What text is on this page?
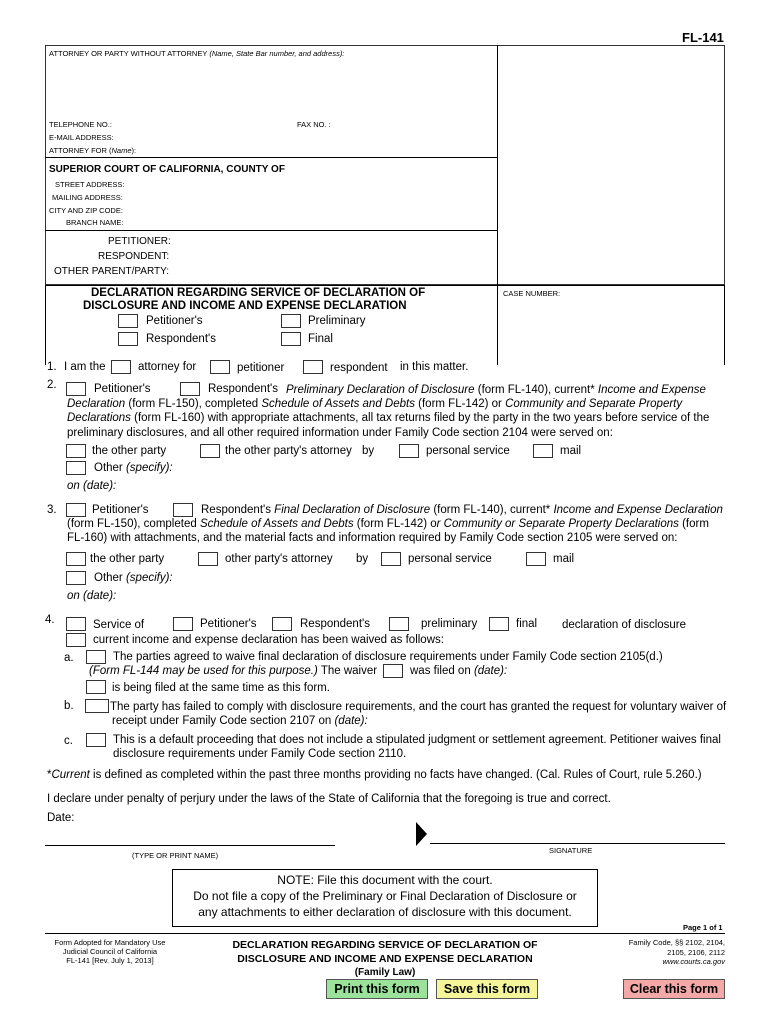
FL-141
ATTORNEY OR PARTY WITHOUT ATTORNEY (Name, State Bar number, and address):
TELEPHONE NO.:	FAX NO. :
E-MAIL ADDRESS:
ATTORNEY FOR (Name):
SUPERIOR COURT OF CALIFORNIA, COUNTY OF
STREET ADDRESS:
MAILING ADDRESS:
CITY AND ZIP CODE:
BRANCH NAME:
PETITIONER:
RESPONDENT:
OTHER PARENT/PARTY:
DECLARATION REGARDING SERVICE OF DECLARATION OF
DISCLOSURE AND INCOME AND EXPENSE DECLARATION
Petitioner's	Preliminary
Respondent's	Final
CASE NUMBER:
1. I am the	attorney for	petitioner	respondent in this matter.
2.	Petitioner's	Respondent's Preliminary Declaration of Disclosure (form FL-140), current* Income and Expense
Declaration (form FL-150), completed Schedule of Assets and Debts (form FL-142) or Community and Separate Property
Declarations (form FL-160) with appropriate attachments, all tax returns filed by the party in the two years before service of the
preliminary disclosures, and all other required information under Family Code section 2104 were served on:
the other party	the other party's attorney by	personal service	mail
Other (specify):
on (date):
3.	Petitioner's	Respondent's Final Declaration of Disclosure (form FL-140), current* Income and Expense Declaration
(form FL-150), completed Schedule of Assets and Debts (form FL-142) or Community or Separate Property Declarations (form
FL-160) with attachments, and the material facts and information required by Family Code section 2105 were served on:
the other party	other party's attorney by	personal service	mail
Other (specify):
on (date):
4.	Service of	Petitioner's	Respondent's	preliminary	final declaration of disclosure
current income and expense declaration has been waived as follows:
a.	The parties agreed to waive final declaration of disclosure requirements under Family Code section 2105(d.)
(Form FL-144 may be used for this purpose.) The waiver	was filed on (date):
is being filed at the same time as this form.
b.	The party has failed to comply with disclosure requirements, and the court has granted the request for voluntary waiver of
receipt under Family Code section 2107 on (date):
c.	This is a default proceeding that does not include a stipulated judgment or settlement agreement. Petitioner waives final
disclosure requirements under Family Code section 2110.
*Current is defined as completed within the past three months providing no facts have changed. (Cal. Rules of Court, rule 5.260.)
I declare under penalty of perjury under the laws of the State of California that the foregoing is true and correct.
Date:
(TYPE OR PRINT NAME)
SIGNATURE
NOTE: File this document with the court.
Do not file a copy of the Preliminary or Final Declaration of Disclosure or
any attachments to either declaration of disclosure with this document.
Page 1 of 1
Form Adopted for Mandatory Use
Judicial Council of California
FL-141 [Rev. July 1, 2013]
DECLARATION REGARDING SERVICE OF DECLARATION OF
DISCLOSURE AND INCOME AND EXPENSE DECLARATION
(Family Law)
Family Code, §§ 2102, 2104,
2105, 2106, 2112
www.courts.ca.gov
Print this form	Save this form	Clear this form
